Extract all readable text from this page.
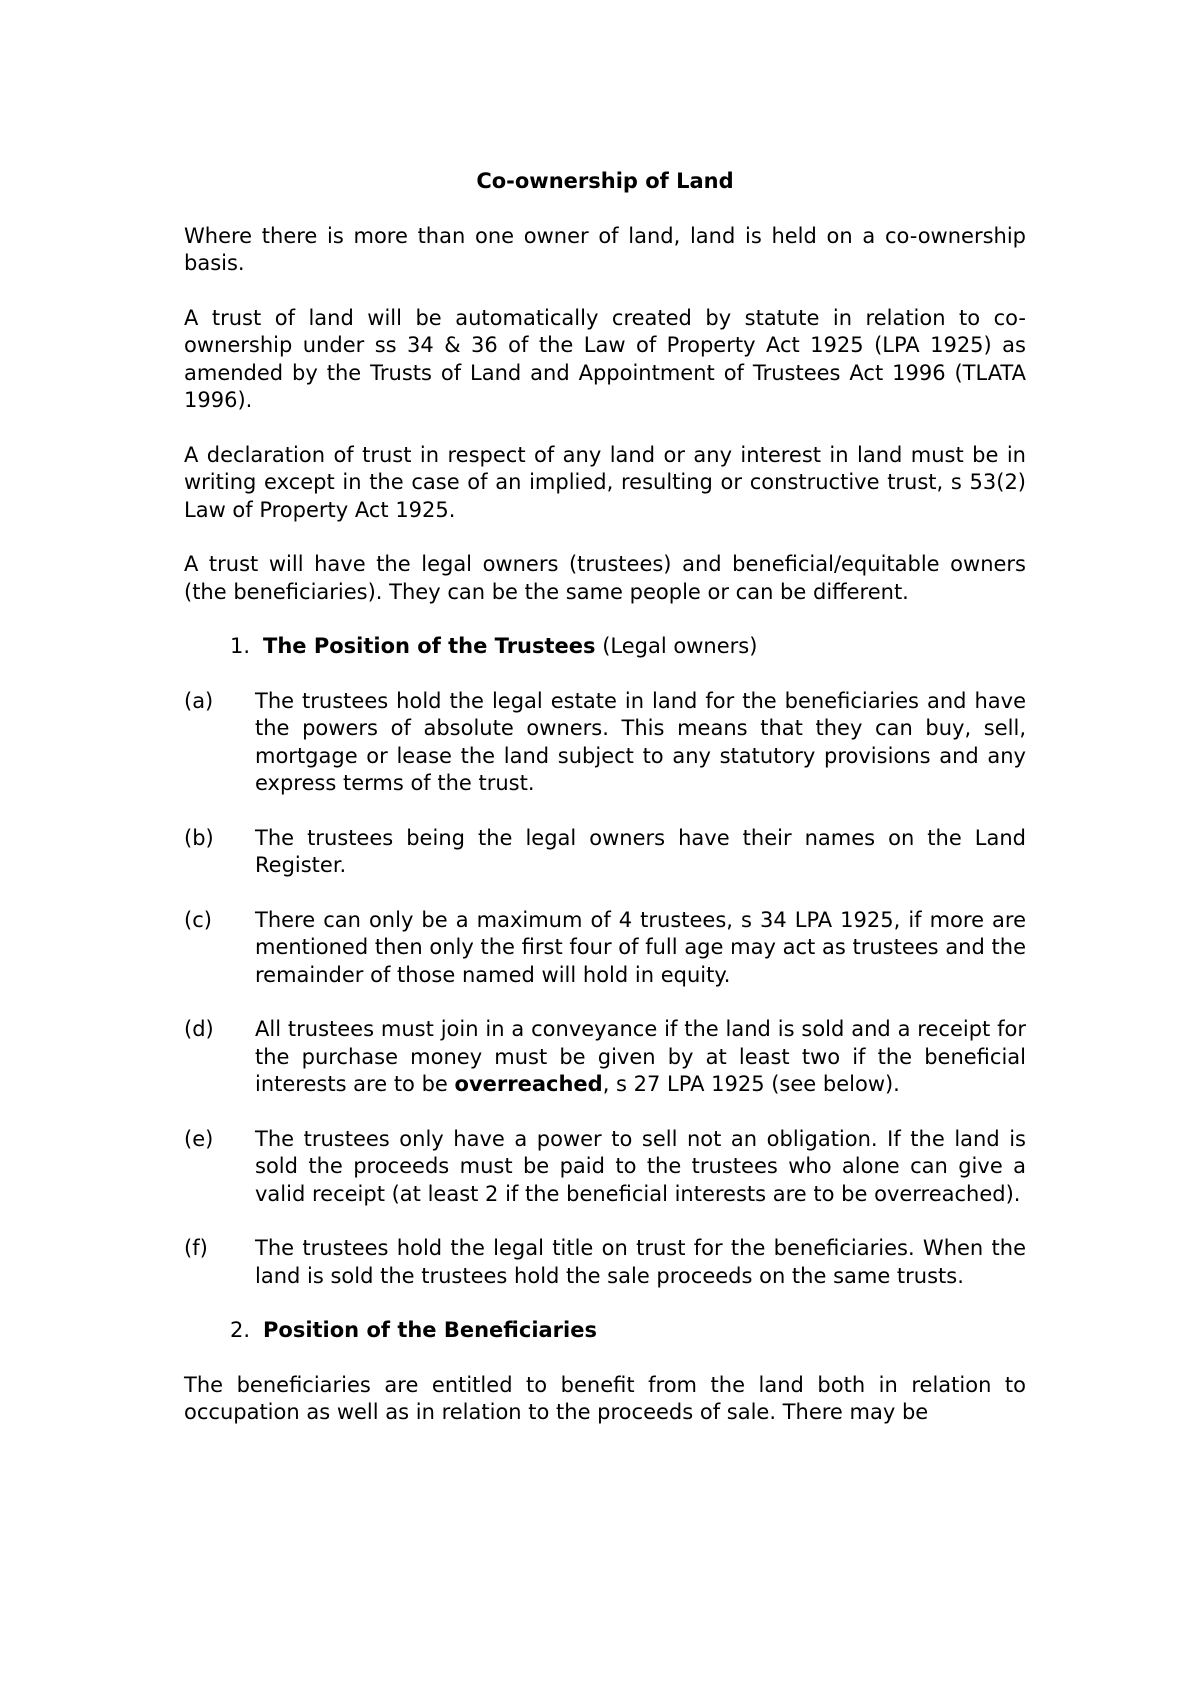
Co-ownership of Land

Where there is more than one owner of land, land is held on a co-ownership basis.

A trust of land will be automatically created by statute in relation to co-ownership under ss 34 & 36 of the Law of Property Act 1925 (LPA 1925) as amended by the Trusts of Land and Appointment of Trustees Act 1996 (TLATA 1996).

A declaration of trust in respect of any land or any interest in land must be in writing except in the case of an implied, resulting or constructive trust, s 53(2) Law of Property Act 1925.

A trust will have the legal owners (trustees) and beneficial/equitable owners (the beneficiaries). They can be the same people or can be different.

1. The Position of the Trustees (Legal owners)
(a)	The trustees hold the legal estate in land for the beneficiaries and have the powers of absolute owners. This means that they can buy, sell, mortgage or lease the land subject to any statutory provisions and any express terms of the trust.
(b)	The trustees being the legal owners have their names on the Land Register.
(c)	There can only be a maximum of 4 trustees, s 34 LPA 1925, if more are mentioned then only the first four of full age may act as trustees and the remainder of those named will hold in equity.
(d)	All trustees must join in a conveyance if the land is sold and a receipt for the purchase money must be given by at least two if the beneficial interests are to be overreached, s 27 LPA 1925 (see below).
(e)	The trustees only have a power to sell not an obligation. If the land is sold the proceeds must be paid to the trustees who alone can give a valid receipt (at least 2 if the beneficial interests are to be overreached).
(f)	The trustees hold the legal title on trust for the beneficiaries. When the land is sold the trustees hold the sale proceeds on the same trusts.
2. Position of the Beneficiaries

The beneficiaries are entitled to benefit from the land both in relation to occupation as well as in relation to the proceeds of sale. There may be
